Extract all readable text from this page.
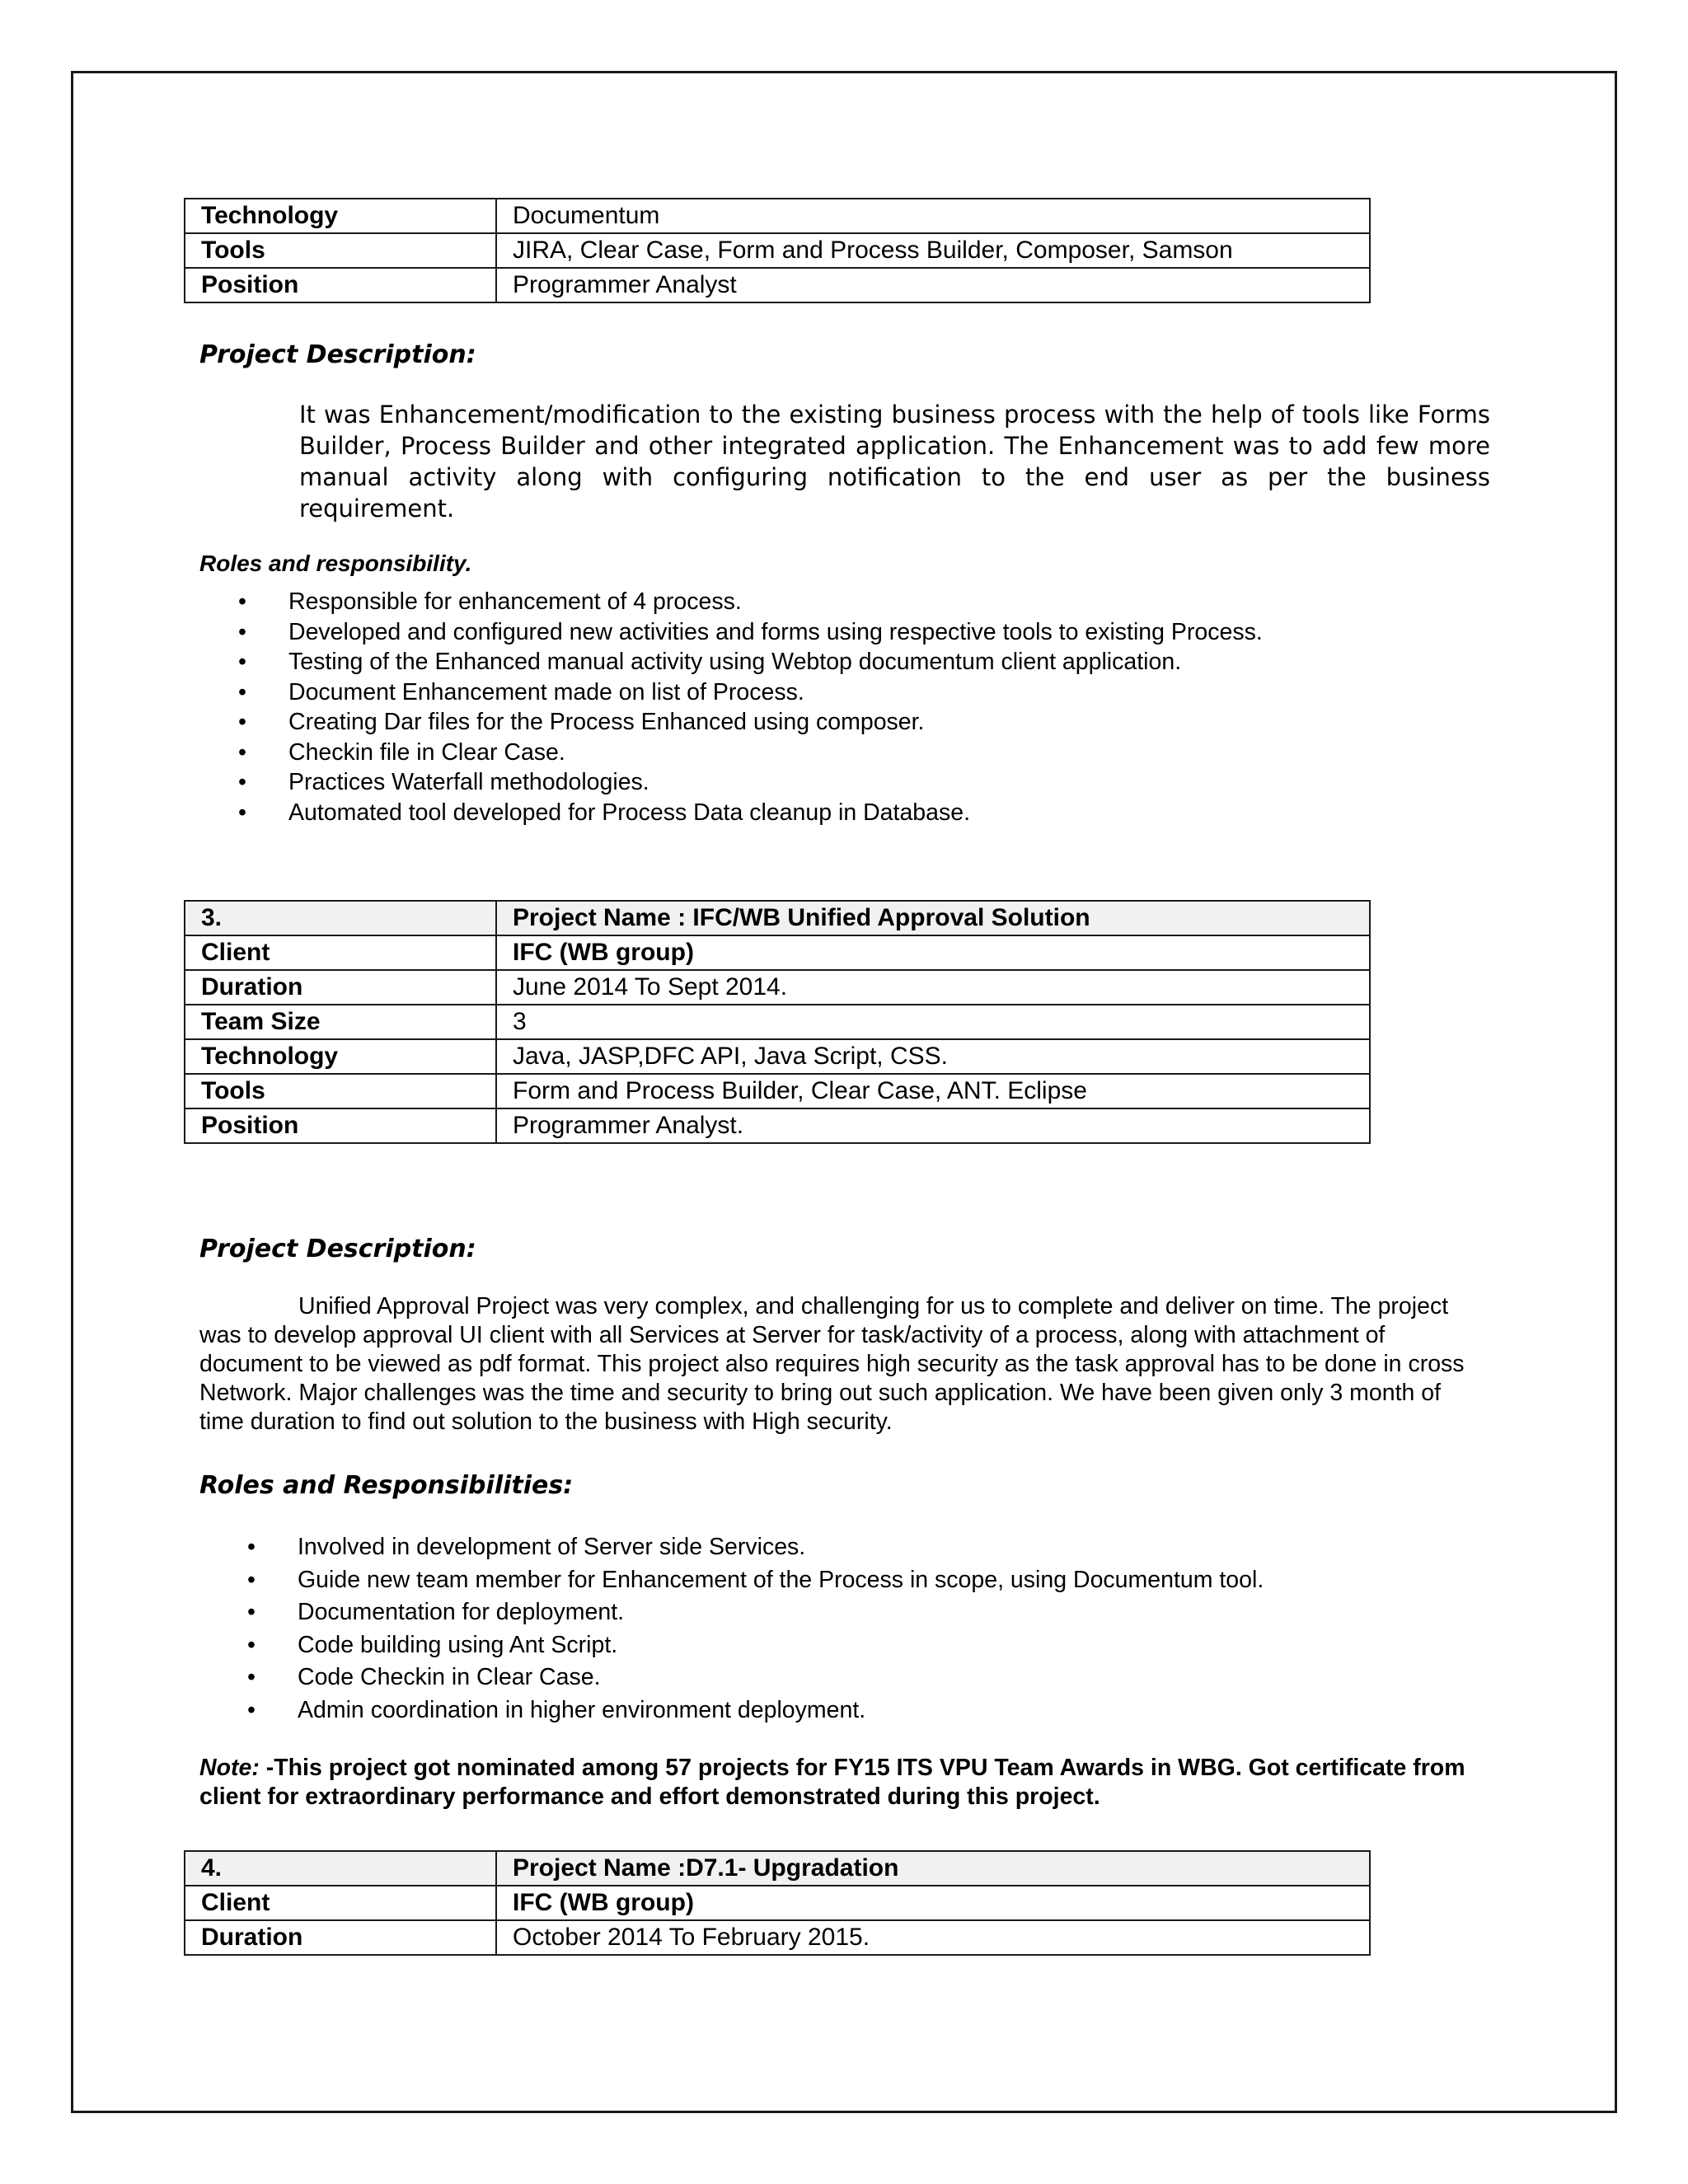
Technology	Documentum
Tools	JIRA, Clear Case, Form and Process Builder, Composer, Samson
Position	Programmer Analyst
Project Description:
It was Enhancement/modification to the existing business process with the help of tools like Forms Builder, Process Builder and other integrated application. The Enhancement was to add few more manual activity along with configuring notification to the end user as per the business requirement.
Roles and responsibility.
• Responsible for enhancement of 4 process.
• Developed and configured new activities and forms using respective tools to existing Process.
• Testing of the Enhanced manual activity using Webtop documentum client application.
• Document Enhancement made on list of Process.
• Creating Dar files for the Process Enhanced using composer.
• Checkin file in Clear Case.
• Practices Waterfall methodologies.
• Automated tool developed for Process Data cleanup in Database.
3.	Project Name : IFC/WB Unified Approval Solution
Client	IFC (WB group)
Duration	June 2014 To Sept 2014.
Team Size	3
Technology	Java, JASP,DFC API, Java Script, CSS.
Tools	Form and Process Builder, Clear Case, ANT. Eclipse
Position	Programmer Analyst.
Project Description:
Unified Approval Project was very complex, and challenging for us to complete and deliver on time. The project was to develop approval UI client with all Services at Server for task/activity of a process, along with attachment of document to be viewed as pdf format. This project also requires high security as the task approval has to be done in cross Network. Major challenges was the time and security to bring out such application. We have been given only 3 month of time duration to find out solution to the business with High security.
Roles and Responsibilities:
• Involved in development of Server side Services.
• Guide new team member for Enhancement of the Process in scope, using Documentum tool.
• Documentation for deployment.
• Code building using Ant Script.
• Code Checkin in Clear Case.
• Admin coordination in higher environment deployment.
Note: -This project got nominated among 57 projects for FY15 ITS VPU Team Awards in WBG. Got certificate from client for extraordinary performance and effort demonstrated during this project.
4.	Project Name :D7.1- Upgradation
Client	IFC (WB group)
Duration	October 2014 To February 2015.
